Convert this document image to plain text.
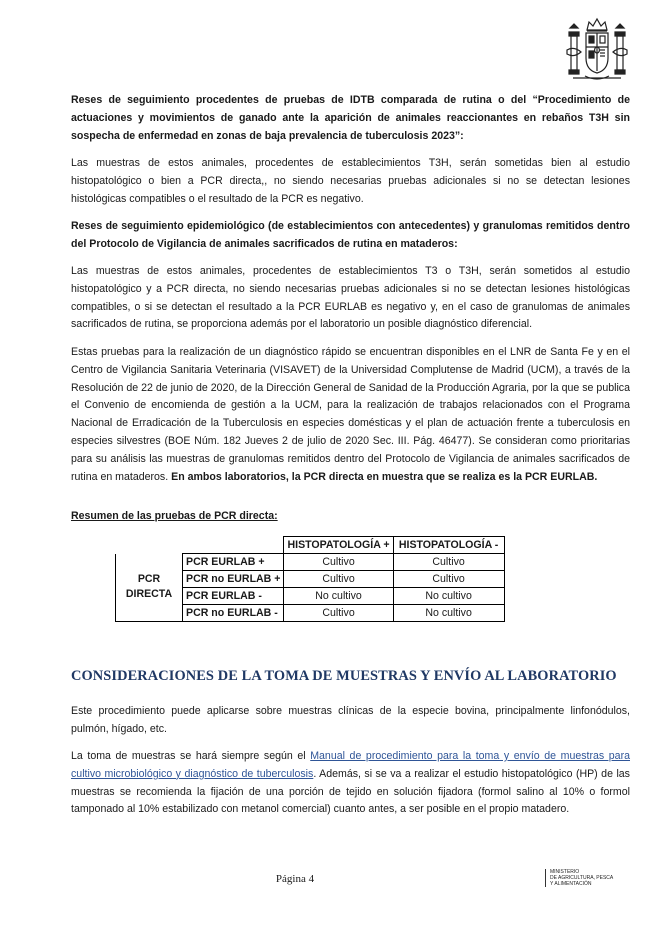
Reses de seguimiento procedentes de pruebas de IDTB comparada de rutina o del “Procedimiento de actuaciones y movimientos de ganado ante la aparición de animales reaccionantes en rebaños T3H sin sospecha de enfermedad en zonas de baja prevalencia de tuberculosis 2023”:

Las muestras de estos animales, procedentes de establecimientos T3H, serán sometidas bien al estudio histopatológico o bien a PCR directa,, no siendo necesarias pruebas adicionales si no se detectan lesiones histológicas compatibles o el resultado de la PCR es negativo.

Reses de seguimiento epidemiológico (de establecimientos con antecedentes) y granulomas remitidos dentro del Protocolo de Vigilancia de animales sacrificados de rutina en mataderos:

Las muestras de estos animales, procedentes de establecimientos T3 o T3H, serán sometidos al estudio histopatológico y a PCR directa, no siendo necesarias pruebas adicionales si no se detectan lesiones histológicas compatibles, o si se detectan el resultado a la PCR EURLAB es negativo y, en el caso de granulomas de animales sacrificados de rutina, se proporciona además por el laboratorio un posible diagnóstico diferencial.

Estas pruebas para la realización de un diagnóstico rápido se encuentran disponibles en el LNR de Santa Fe y en el Centro de Vigilancia Sanitaria Veterinaria (VISAVET) de la Universidad Complutense de Madrid (UCM), a través de la Resolución de 22 de junio de 2020, de la Dirección General de Sanidad de la Producción Agraria, por la que se publica el Convenio de encomienda de gestión a la UCM, para la realización de trabajos relacionados con el Programa Nacional de Erradicación de la Tuberculosis en especies domésticas y el plan de actuación frente a tuberculosis en especies silvestres (BOE Núm. 182 Jueves 2 de julio de 2020 Sec. III. Pág. 46477). Se consideran como prioritarias para su análisis las muestras de granulomas remitidos dentro del Protocolo de Vigilancia de animales sacrificados de rutina en mataderos. En ambos laboratorios, la PCR directa en muestra que se realiza es la PCR EURLAB.

Resumen de las pruebas de PCR directa:

		HISTOPATOLOGÍA +	HISTOPATOLOGÍA -

PCR
DIRECTA	PCR EURLAB +	Cultivo	Cultivo
	PCR no EURLAB +	Cultivo	Cultivo
	PCR EURLAB -	No cultivo	No cultivo
	PCR no EURLAB -	Cultivo	No cultivo
CONSIDERACIONES DE LA TOMA DE MUESTRAS Y ENVÍO AL LABORATORIO

Este procedimiento puede aplicarse sobre muestras clínicas de la especie bovina, principalmente linfonódulos, pulmón, hígado, etc.

La toma de muestras se hará siempre según el Manual de procedimiento para la toma y envío de muestras para cultivo microbiológico y diagnóstico de tuberculosis. Además, si se va a realizar el estudio histopatológico (HP) de las muestras se recomienda la fijación de una porción de tejido en solución fijadora (formol salino al 10% o formol tamponado al 10% estabilizado con metanol comercial) cuanto antes, a ser posible en el propio matadero.

Página 4
MINISTERIO
DE AGRICULTURA, PESCA
Y ALIMENTACIÓN
